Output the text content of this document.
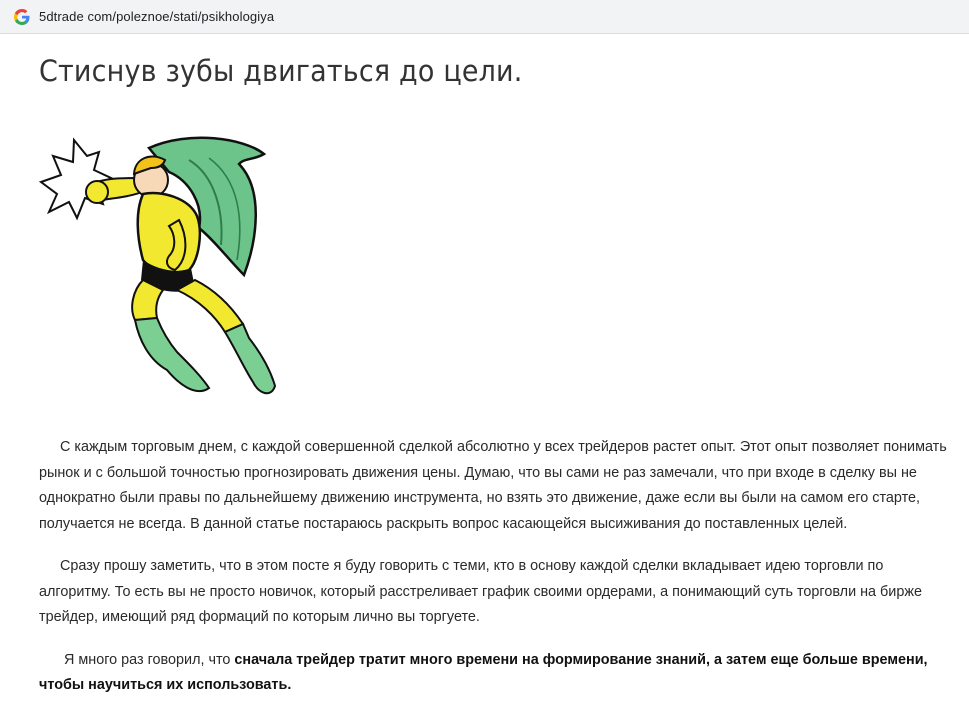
5dtrade com/poleznoe/stati/psikhologiya
Стиснув зубы двигаться до цели.

С каждым торговым днем, с каждой совершенной сделкой абсолютно у всех трейдеров растет опыт. Этот опыт позволяет понимать рынок и с большой точностью прогнозировать движения цены. Думаю, что вы сами не раз замечали, что при входе в сделку вы не однократно были правы по дальнейшему движению инструмента, но взять это движение, даже если вы были на самом его старте, получается не всегда. В данной статье постараюсь раскрыть вопрос касающейся высиживания до поставленных целей.

Сразу прошу заметить, что в этом посте я буду говорить с теми, кто в основу каждой сделки вкладывает идею торговли по алгоритму. То есть вы не просто новичок, который расстреливает график своими ордерами, а понимающий суть торговли на бирже трейдер, имеющий ряд формаций по которым лично вы торгуете.

Я много раз говорил, что сначала трейдер тратит много времени на формирование знаний, а затем еще больше времени, чтобы научиться их использовать.
